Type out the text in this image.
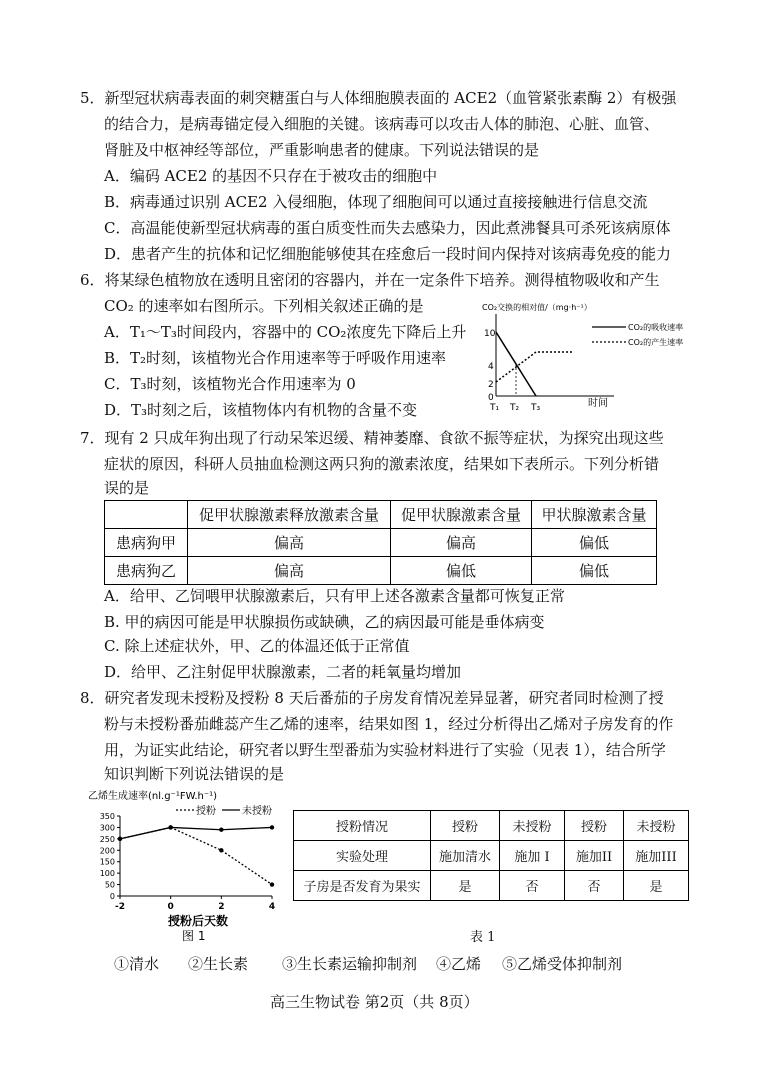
5．新型冠状病毒表面的刺突糖蛋白与人体细胞膜表面的 ACE2（血管紧张素酶 2）有极强
的结合力，是病毒锚定侵入细胞的关键。该病毒可以攻击人体的肺泡、心脏、血管、
肾脏及中枢神经等部位，严重影响患者的健康。下列说法错误的是
A．编码 ACE2 的基因不只存在于被攻击的细胞中
B．病毒通过识别 ACE2 入侵细胞，体现了细胞间可以通过直接接触进行信息交流
C．高温能使新型冠状病毒的蛋白质变性而失去感染力，因此煮沸餐具可杀死该病原体
D．患者产生的抗体和记忆细胞能够使其在痊愈后一段时间内保持对该病毒免疫的能力
6．将某绿色植物放在透明且密闭的容器内，并在一定条件下培养。测得植物吸收和产生
CO₂ 的速率如右图所示。下列相关叙述正确的是
A．T₁～T₃时间段内，容器中的 CO₂浓度先下降后上升
B．T₂时刻，该植物光合作用速率等于呼吸作用速率
C．T₃时刻，该植物光合作用速率为 0
D．T₃时刻之后，该植物体内有机物的含量不变
CO₂交换的相对值/（mg·h⁻¹）
10
4
2
0
T₁ T₂ T₃	时间
CO₂的吸收速率
CO₂的产生速率
7．现有 2 只成年狗出现了行动呆笨迟缓、精神萎靡、食欲不振等症状，为探究出现这些
症状的原因，科研人员抽血检测这两只狗的激素浓度，结果如下表所示。下列分析错
误的是
	促甲状腺激素释放激素含量	促甲状腺激素含量	甲状腺激素含量
患病狗甲	偏高	偏高	偏低
患病狗乙	偏高	偏低	偏低
A．给甲、乙饲喂甲状腺激素后，只有甲上述各激素含量都可恢复正常
B. 甲的病因可能是甲状腺损伤或缺碘，乙的病因最可能是垂体病变
C. 除上述症状外，甲、乙的体温还低于正常值
D．给甲、乙注射促甲状腺激素，二者的耗氧量均增加
8．研究者发现未授粉及授粉 8 天后番茄的子房发育情况差异显著，研究者同时检测了授
粉与未授粉番茄雌蕊产生乙烯的速率，结果如图 1，经过分析得出乙烯对子房发育的作
用，为证实此结论，研究者以野生型番茄为实验材料进行了实验（见表 1），结合所学
知识判断下列说法错误的是
乙烯生成速率(nl.g⁻¹FW.h⁻¹)
授粉	未授粉
350
300
250
200
150
100
50
0
-2	0	2	4
授粉后天数
图 1
授粉情况	授粉	未授粉	授粉	未授粉
实验处理	施加清水	施加 I	施加II	施加III
子房是否发育为果实	是	否	否	是
表 1
①清水 ②生长素 ③生长素运输抑制剂 ④乙烯 ⑤乙烯受体抑制剂
高三生物试卷 第2页（共 8页）
